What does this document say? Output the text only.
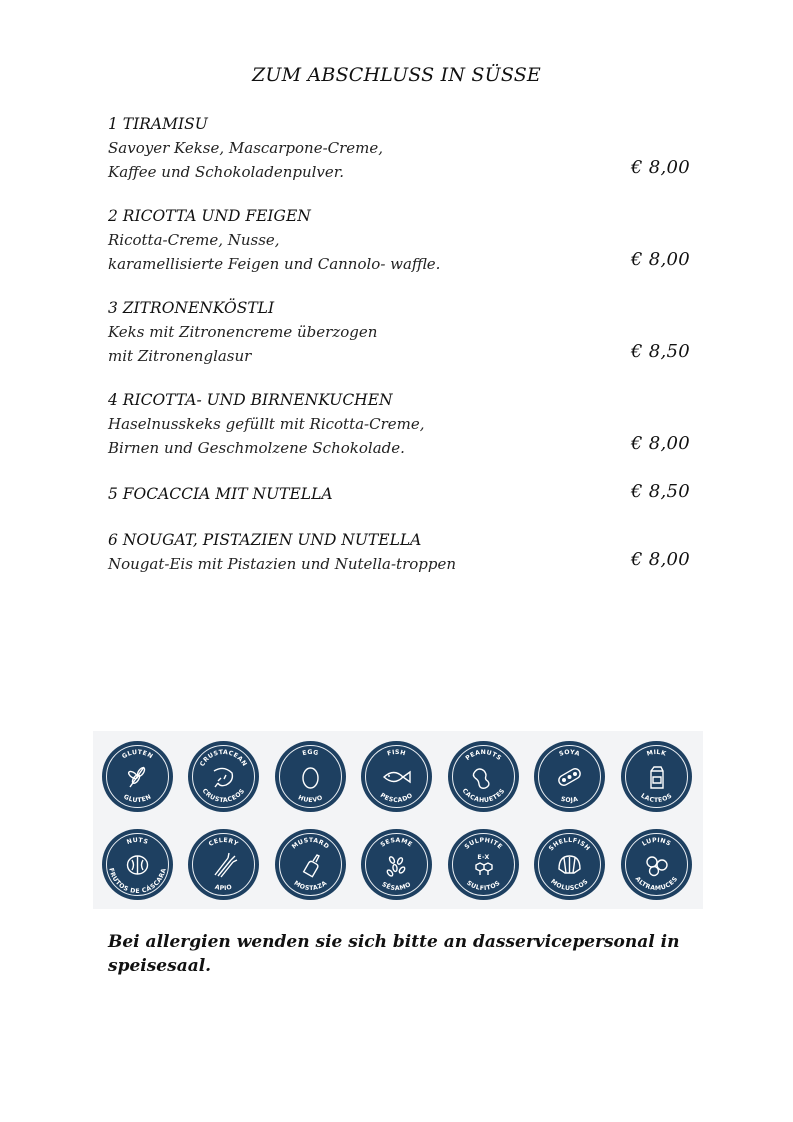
ZUM ABSCHLUSS IN SÜSSE
1 TIRAMISU
Savoyer Kekse, Mascarpone-Creme,
Kaffee und Schokoladenpulver.	€ 8,00
2 RICOTTA UND FEIGEN
Ricotta-Creme, Nusse,
karamellisierte Feigen und Cannolo- waffle.	€ 8,00
3 ZITRONENKÖSTLI
Keks mit Zitronencreme überzogen
mit Zitronenglasur	€ 8,50
4 RICOTTA- UND BIRNENKUCHEN
Haselnusskeks gefüllt mit Ricotta-Creme,
Birnen und Geschmolzene Schokolade.	€ 8,00
5 FOCACCIA MIT NUTELLA	€ 8,50
6 NOUGAT, PISTAZIEN UND NUTELLA
Nougat-Eis mit Pistazien und Nutella-troppen	€ 8,00
GLUTEN
GLUTEN
CRUSTACEAN
CRUSTACEOS
EGG
HUEVO
FISH
PESCADO
PEANUTS
CACAHUETES
SOYA
SOJA
MILK
LACTEOS
NUTS
FRUTOS DE CÁSCARA
CELERY
APIO
MUSTARD
MOSTAZA
SESAME
SÉSAMO
SULPHITE
SULFITOS
E-X
SHELLFISH
MOLUSCOS
LUPINS
ALTRAMUCES
Bei allergien wenden sie sich bitte an dasservicepersonal in speisesaal.
